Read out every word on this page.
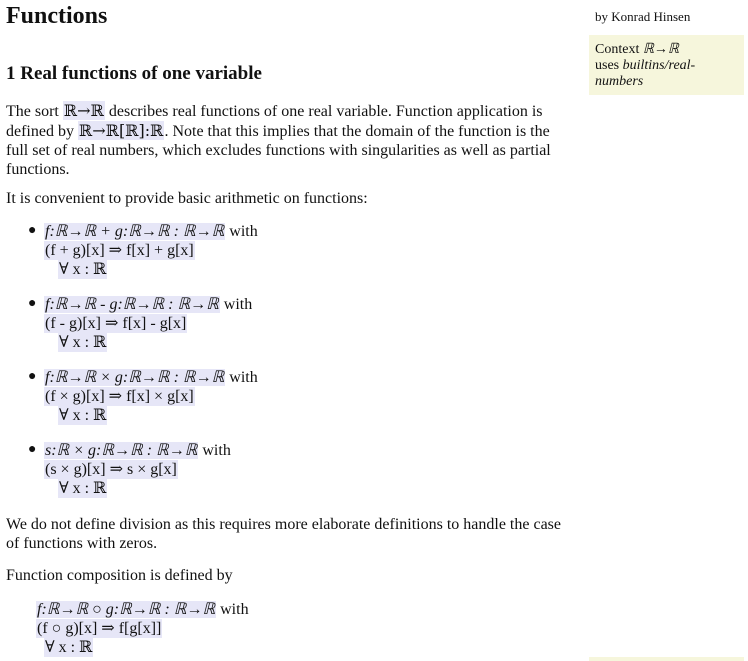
Functions
1 Real functions of one variable

The sort ℝ→ℝ describes real functions of one real variable. Function application is defined by ℝ→ℝ[ℝ]:ℝ. Note that this implies that the domain of the function is the full set of real numbers, which excludes functions with singularities as well as partial functions.

It is convenient to provide basic arithmetic on functions:

● f:ℝ→ℝ + g:ℝ→ℝ : ℝ→ℝ with
(f + g)[x] ⇒ f[x] + g[x]
∀ x : ℝ
● f:ℝ→ℝ - g:ℝ→ℝ : ℝ→ℝ with
(f - g)[x] ⇒ f[x] - g[x]
∀ x : ℝ
● f:ℝ→ℝ × g:ℝ→ℝ : ℝ→ℝ with
(f × g)[x] ⇒ f[x] × g[x]
∀ x : ℝ
● s:ℝ × g:ℝ→ℝ : ℝ→ℝ with
(s × g)[x] ⇒ s × g[x]
∀ x : ℝ

We do not define division as this requires more elaborate definitions to handle the case of functions with zeros.

Function composition is defined by

f:ℝ→ℝ ○ g:ℝ→ℝ : ℝ→ℝ with
(f ○ g)[x] ⇒ f[g[x]]
∀ x : ℝ
by Konrad Hinsen
Context ℝ→ℝ
uses builtins/real-numbers
